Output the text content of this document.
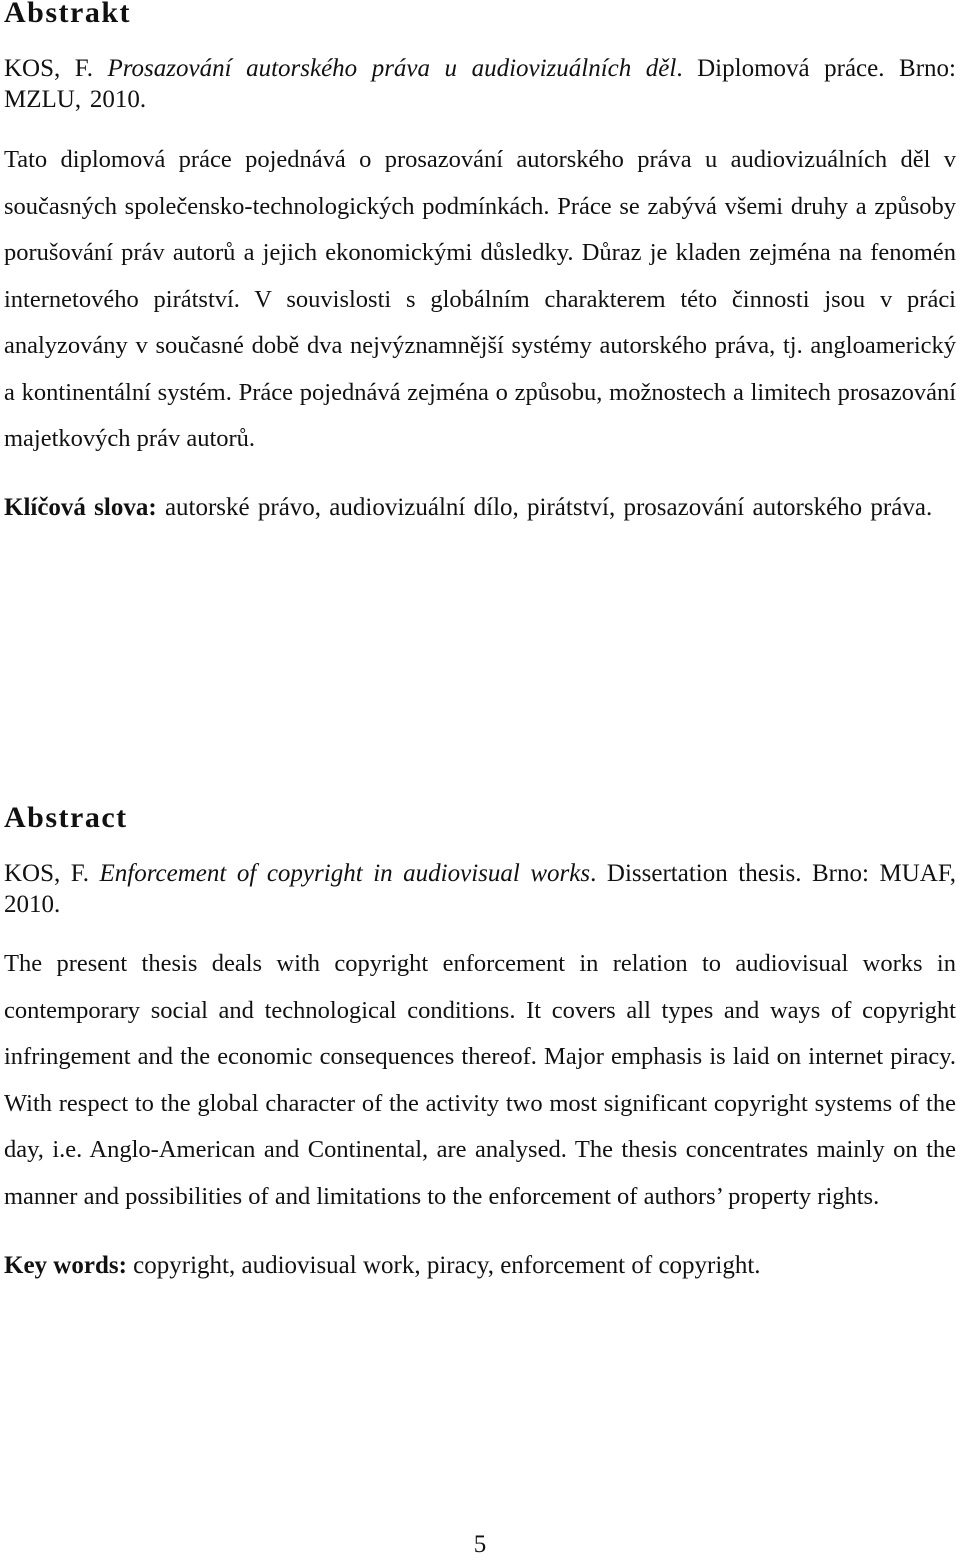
Abstrakt

KOS, F. Prosazování autorského práva u audiovizuálních děl. Diplomová práce. Brno: MZLU, 2010.

Tato diplomová práce pojednává o prosazování autorského práva u audiovizuálních děl v současných společensko-technologických podmínkách. Práce se zabývá všemi druhy a způsoby porušování práv autorů a jejich ekonomickými důsledky. Důraz je kladen zejména na fenomén internetového pirátství. V souvislosti s globálním charakterem této činnosti jsou v práci analyzovány v současné době dva nejvýznamnější systémy autorského práva, tj. angloamerický a kontinentální systém. Práce pojednává zejména o způsobu, možnostech a limitech prosazování majetkových práv autorů.

Klíčová slova: autorské právo, audiovizuální dílo, pirátství, prosazování autorského práva.

Abstract

KOS, F. Enforcement of copyright in audiovisual works. Dissertation thesis. Brno: MUAF, 2010.

The present thesis deals with copyright enforcement in relation to audiovisual works in contemporary social and technological conditions. It covers all types and ways of copyright infringement and the economic consequences thereof. Major emphasis is laid on internet piracy. With respect to the global character of the activity two most significant copyright systems of the day, i.e. Anglo-American and Continental, are analysed. The thesis concentrates mainly on the manner and possibilities of and limitations to the enforcement of authors’ property rights.

Key words: copyright, audiovisual work, piracy, enforcement of copyright.

5
